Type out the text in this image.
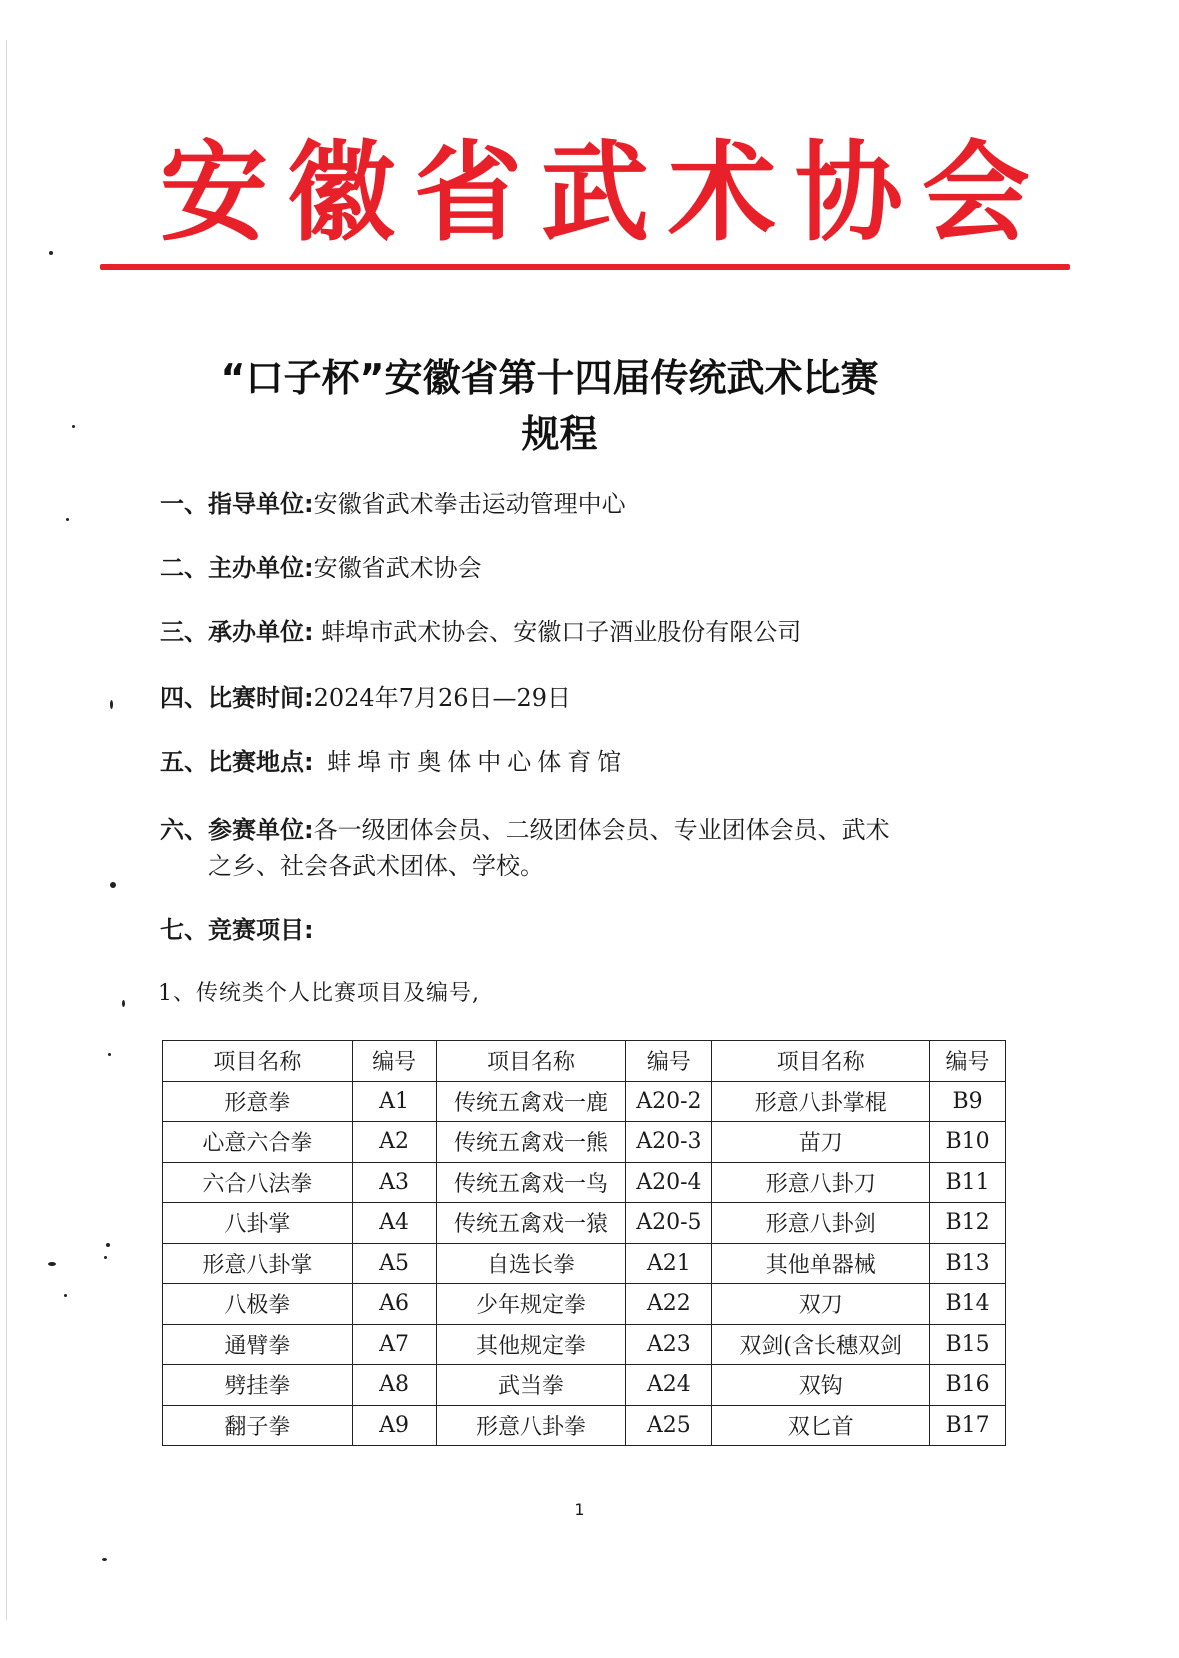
安 徽 省 武 术 协 会
“口子杯”安徽省第十四届传统武术比赛
规程
一、指导单位:安徽省武术拳击运动管理中心
二、主办单位:安徽省武术协会
三、承办单位: 蚌埠市武术协会、安徽口子酒业股份有限公司
四、比赛时间:2024年7月26日—29日
五、比赛地点: 蚌埠市奥体中心体育馆
六、参赛单位:各一级团体会员、二级团体会员、专业团体会员、武术
之乡、社会各武术团体、学校。
七、竞赛项目:
1、传统类个人比赛项目及编号,
项目名称	编号	项目名称	编号	项目名称	编号
形意拳	A1	传统五禽戏一鹿	A20-2	形意八卦掌棍	B9
心意六合拳	A2	传统五禽戏一熊	A20-3	苗刀	B10
六合八法拳	A3	传统五禽戏一鸟	A20-4	形意八卦刀	B11
八卦掌	A4	传统五禽戏一猿	A20-5	形意八卦剑	B12
形意八卦掌	A5	自选长拳	A21	其他单器械	B13
八极拳	A6	少年规定拳	A22	双刀	B14
通臂拳	A7	其他规定拳	A23	双剑(含长穗双剑	B15
劈挂拳	A8	武当拳	A24	双钩	B16
翻子拳	A9	形意八卦拳	A25	双匕首	B17
1
